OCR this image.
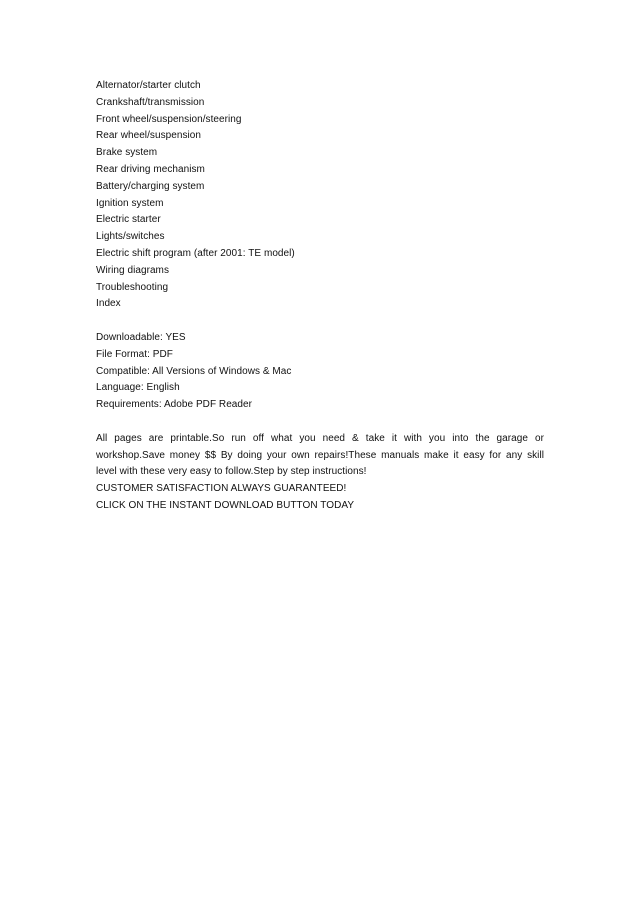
Alternator/starter clutch
Crankshaft/transmission
Front wheel/suspension/steering
Rear wheel/suspension
Brake system
Rear driving mechanism
Battery/charging system
Ignition system
Electric starter
Lights/switches
Electric shift program (after 2001: TE model)
Wiring diagrams
Troubleshooting
Index
Downloadable: YES
File Format: PDF
Compatible: All Versions of Windows & Mac
Language: English
Requirements: Adobe PDF Reader
All pages are printable.So run off what you need & take it with you into the garage or
workshop.Save money $$ By doing your own repairs!These manuals make it easy for any skill
level with these very easy to follow.Step by step instructions!
CUSTOMER SATISFACTION ALWAYS GUARANTEED!
CLICK ON THE INSTANT DOWNLOAD BUTTON TODAY
